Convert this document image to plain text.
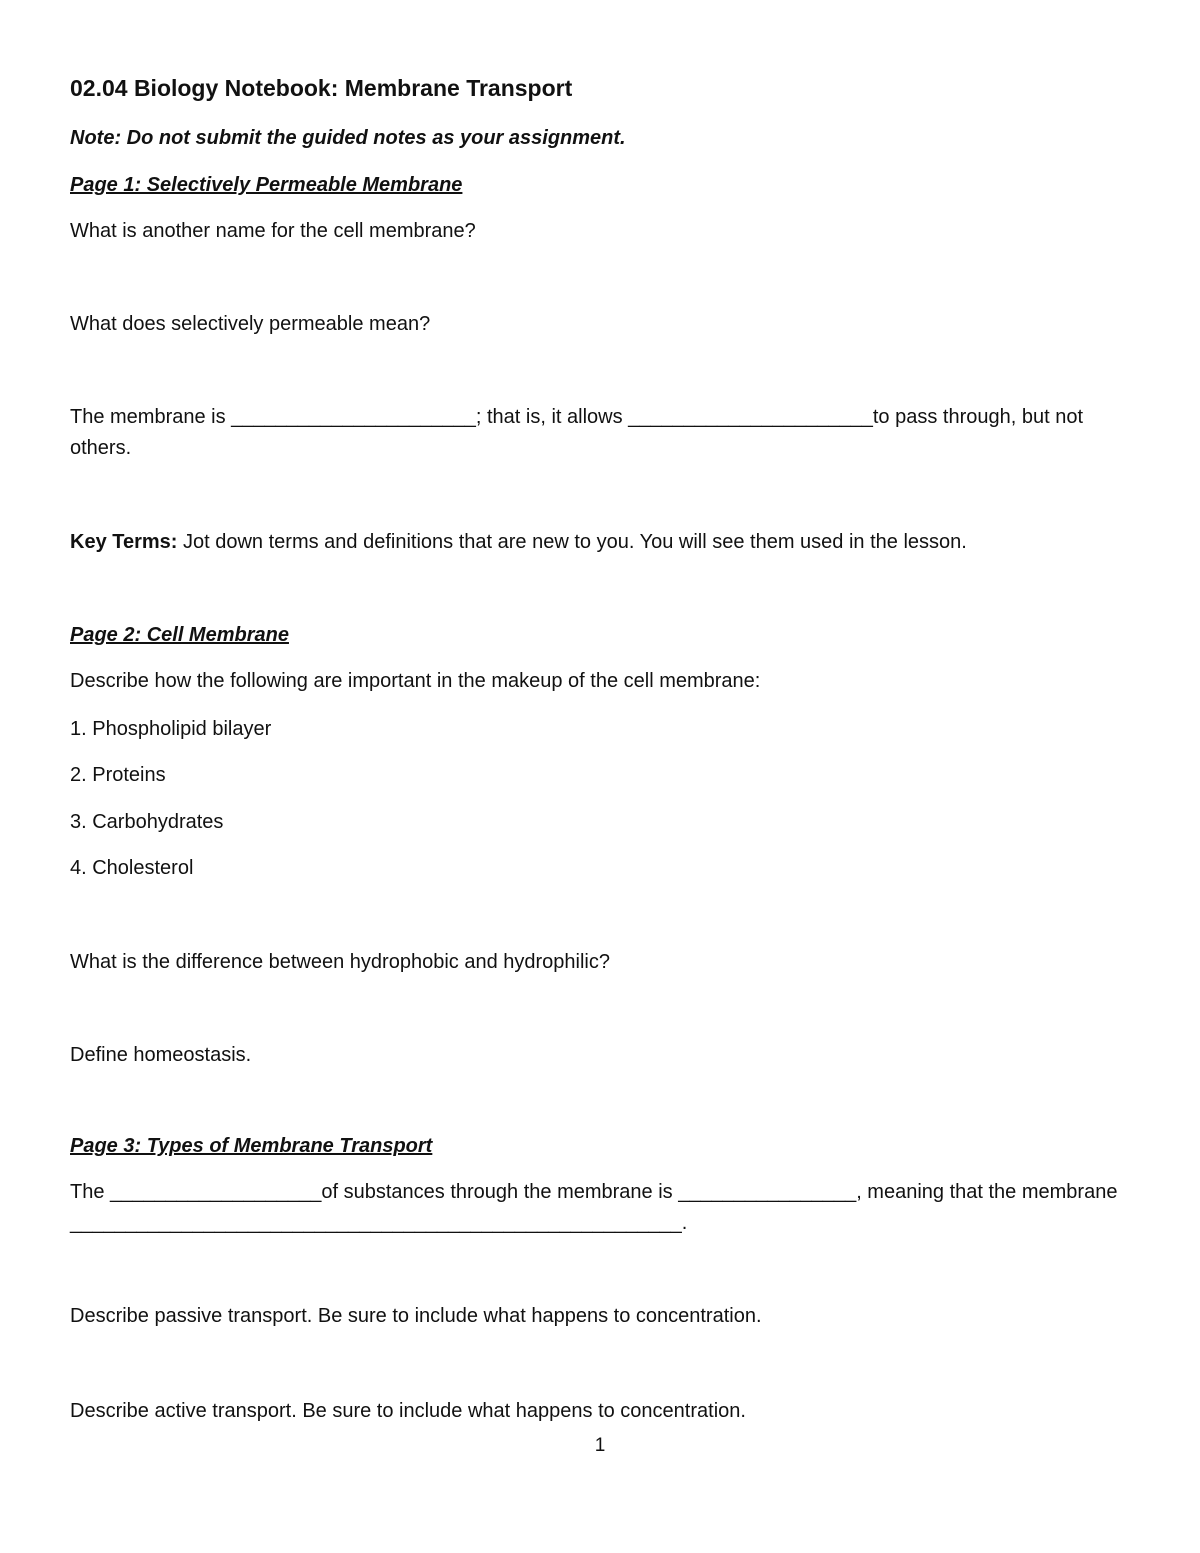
02.04 Biology Notebook: Membrane Transport
Note: Do not submit the guided notes as your assignment.
Page 1: Selectively Permeable Membrane
What is another name for the cell membrane?
What does selectively permeable mean?
The membrane is ______________________; that is, it allows ______________________to pass through, but not others.
Key Terms: Jot down terms and definitions that are new to you. You will see them used in the lesson.
Page 2: Cell Membrane
Describe how the following are important in the makeup of the cell membrane:
1. Phospholipid bilayer
2. Proteins
3. Carbohydrates
4. Cholesterol
What is the difference between hydrophobic and hydrophilic?
Define homeostasis.
Page 3: Types of Membrane Transport
The ___________________of substances through the membrane is ________________, meaning that the membrane _______________________________________________________.
Describe passive transport. Be sure to include what happens to concentration.
Describe active transport. Be sure to include what happens to concentration.
1
